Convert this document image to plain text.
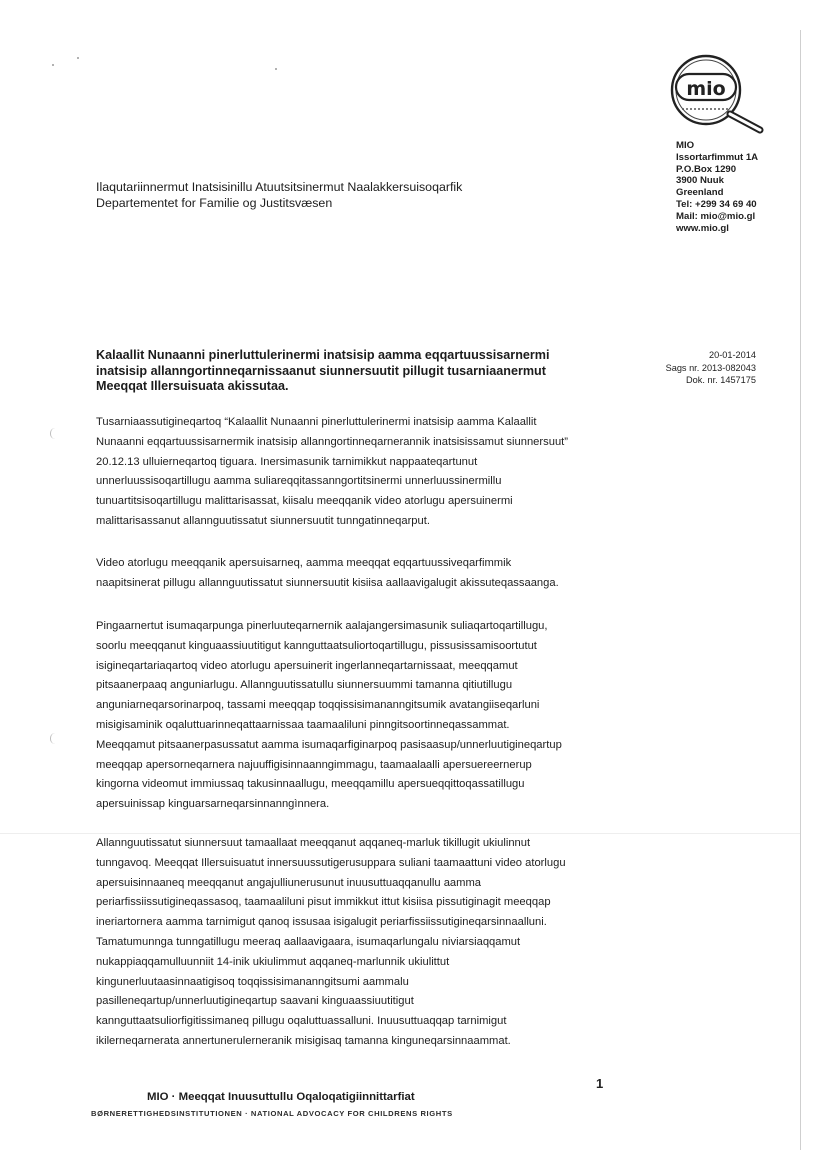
mio
MIO
Issortarfimmut 1A
P.O.Box 1290
3900 Nuuk
Greenland
Tel: +299 34 69 40
Mail: mio@mio.gl
www.mio.gl
Ilaqutariinnermut Inatsisinillu Atuutsitsinermut Naalakkersuisoqarfik
Departementet for Familie og Justitsvæsen
Kalaallit Nunaanni pinerluttulerinermi inatsisip aamma eqqartuussisarnermi
inatsisip allanngortinneqarnissaanut siunnersuutit pillugit tusarniaanermut
Meeqqat Illersuisuata akissutaa.
20-01-2014
Sags nr. 2013-082043
Dok. nr. 1457175
Tusarniaassutigineqartoq “Kalaallit Nunaanni pinerluttulerinermi inatsisip aamma Kalaallit
Nunaanni eqqartuussisarnermik inatsisip allanngortinneqarnerannik inatsisissamut siunnersuut”
20.12.13 ulluierneqartoq tiguara. Inersimasunik tarnimikkut nappaateqartunut
unnerluussisoqartillugu aamma suliareqqitassanngortitsinermi unnerluussinermillu
tunuartitsisoqartillugu malittarisassat, kiisalu meeqqanik video atorlugu apersuinermi
malittarisassanut allannguutissatut siunnersuutit tunngatinneqarput.
Video atorlugu meeqqanik apersuisarneq, aamma meeqqat eqqartuussiveqarfimmik
naapitsinerat pillugu allannguutissatut siunnersuutit kisiisa aallaavigalugit akissuteqassaanga.
Pingaarnertut isumaqarpunga pinerluuteqarnernik aalajangersimasunik suliaqartoqartillugu,
soorlu meeqqanut kinguaassiuutitigut kannguttaatsuliortoqartillugu, pissusissamisoortutut
isigineqartariaqartoq video atorlugu apersuinerit ingerlanneqartarnissaat, meeqqamut
pitsaanerpaaq anguniarlugu. Allannguutissatullu siunnersuummi tamanna qitiutillugu
anguniarneqarsorinarpoq, tassami meeqqap toqqissisimananngitsumik avatangiiseqarluni
misigisaminik oqaluttuarinneqattaarnissaa taamaaliluni pinngitsoortinneqassammat.
Meeqqamut pitsaanerpasussatut aamma isumaqarfiginarpoq pasisaasup/unnerluutigineqartup
meeqqap apersorneqarnera najuuffigisinnaanngimmagu, taamaalaalli apersuereernerup
kingorna videomut immiussaq takusinnaallugu, meeqqamillu apersueqqittoqassatillugu
apersuinissap kinguarsarneqarsinnanngìnnera.
Allannguutissatut siunnersuut tamaallaat meeqqanut aqqaneq-marluk tikillugit ukiulinnut
tunngavoq. Meeqqat Illersuisuatut innersuussutigerusuppara suliani taamaattuni video atorlugu
apersuisinnaaneq meeqqanut angajulliunerusunut inuusuttuaqqanullu aamma
periarfissiissutigineqassasoq, taamaaliluni pisut immikkut ittut kisiisa pissutiginagit meeqqap
ineriartornera aamma tarnimigut qanoq issusaa isigalugit periarfissiissutigineqarsinnaalluni.
Tamatumunnga tunngatillugu meeraq aallaavigaara, isumaqarlungalu niviarsiaqqamut
nukappiaqqamulluunniit 14-inik ukiulimmut aqqaneq-marlunnik ukiulittut
kingunerluutaasinnaatigisoq toqqissisimananngitsumi aammalu
pasilleneqartup/unnerluutigineqartup saavani kinguaassiuutitigut
kannguttaatsuliorfigitissimaneq pillugu oqaluttuassalluni. Inuusuttuaqqap tarnimigut
ikilerneqarnerata annertunerulerneranik misigisaq tamanna kinguneqarsinnaammat.
1
MIO · Meeqqat Inuusuttullu Oqaloqatigiinnittarfiat
BØRNERETTIGHEDSINSTITUTIONEN · NATIONAL ADVOCACY FOR CHILDRENS RIGHTS
